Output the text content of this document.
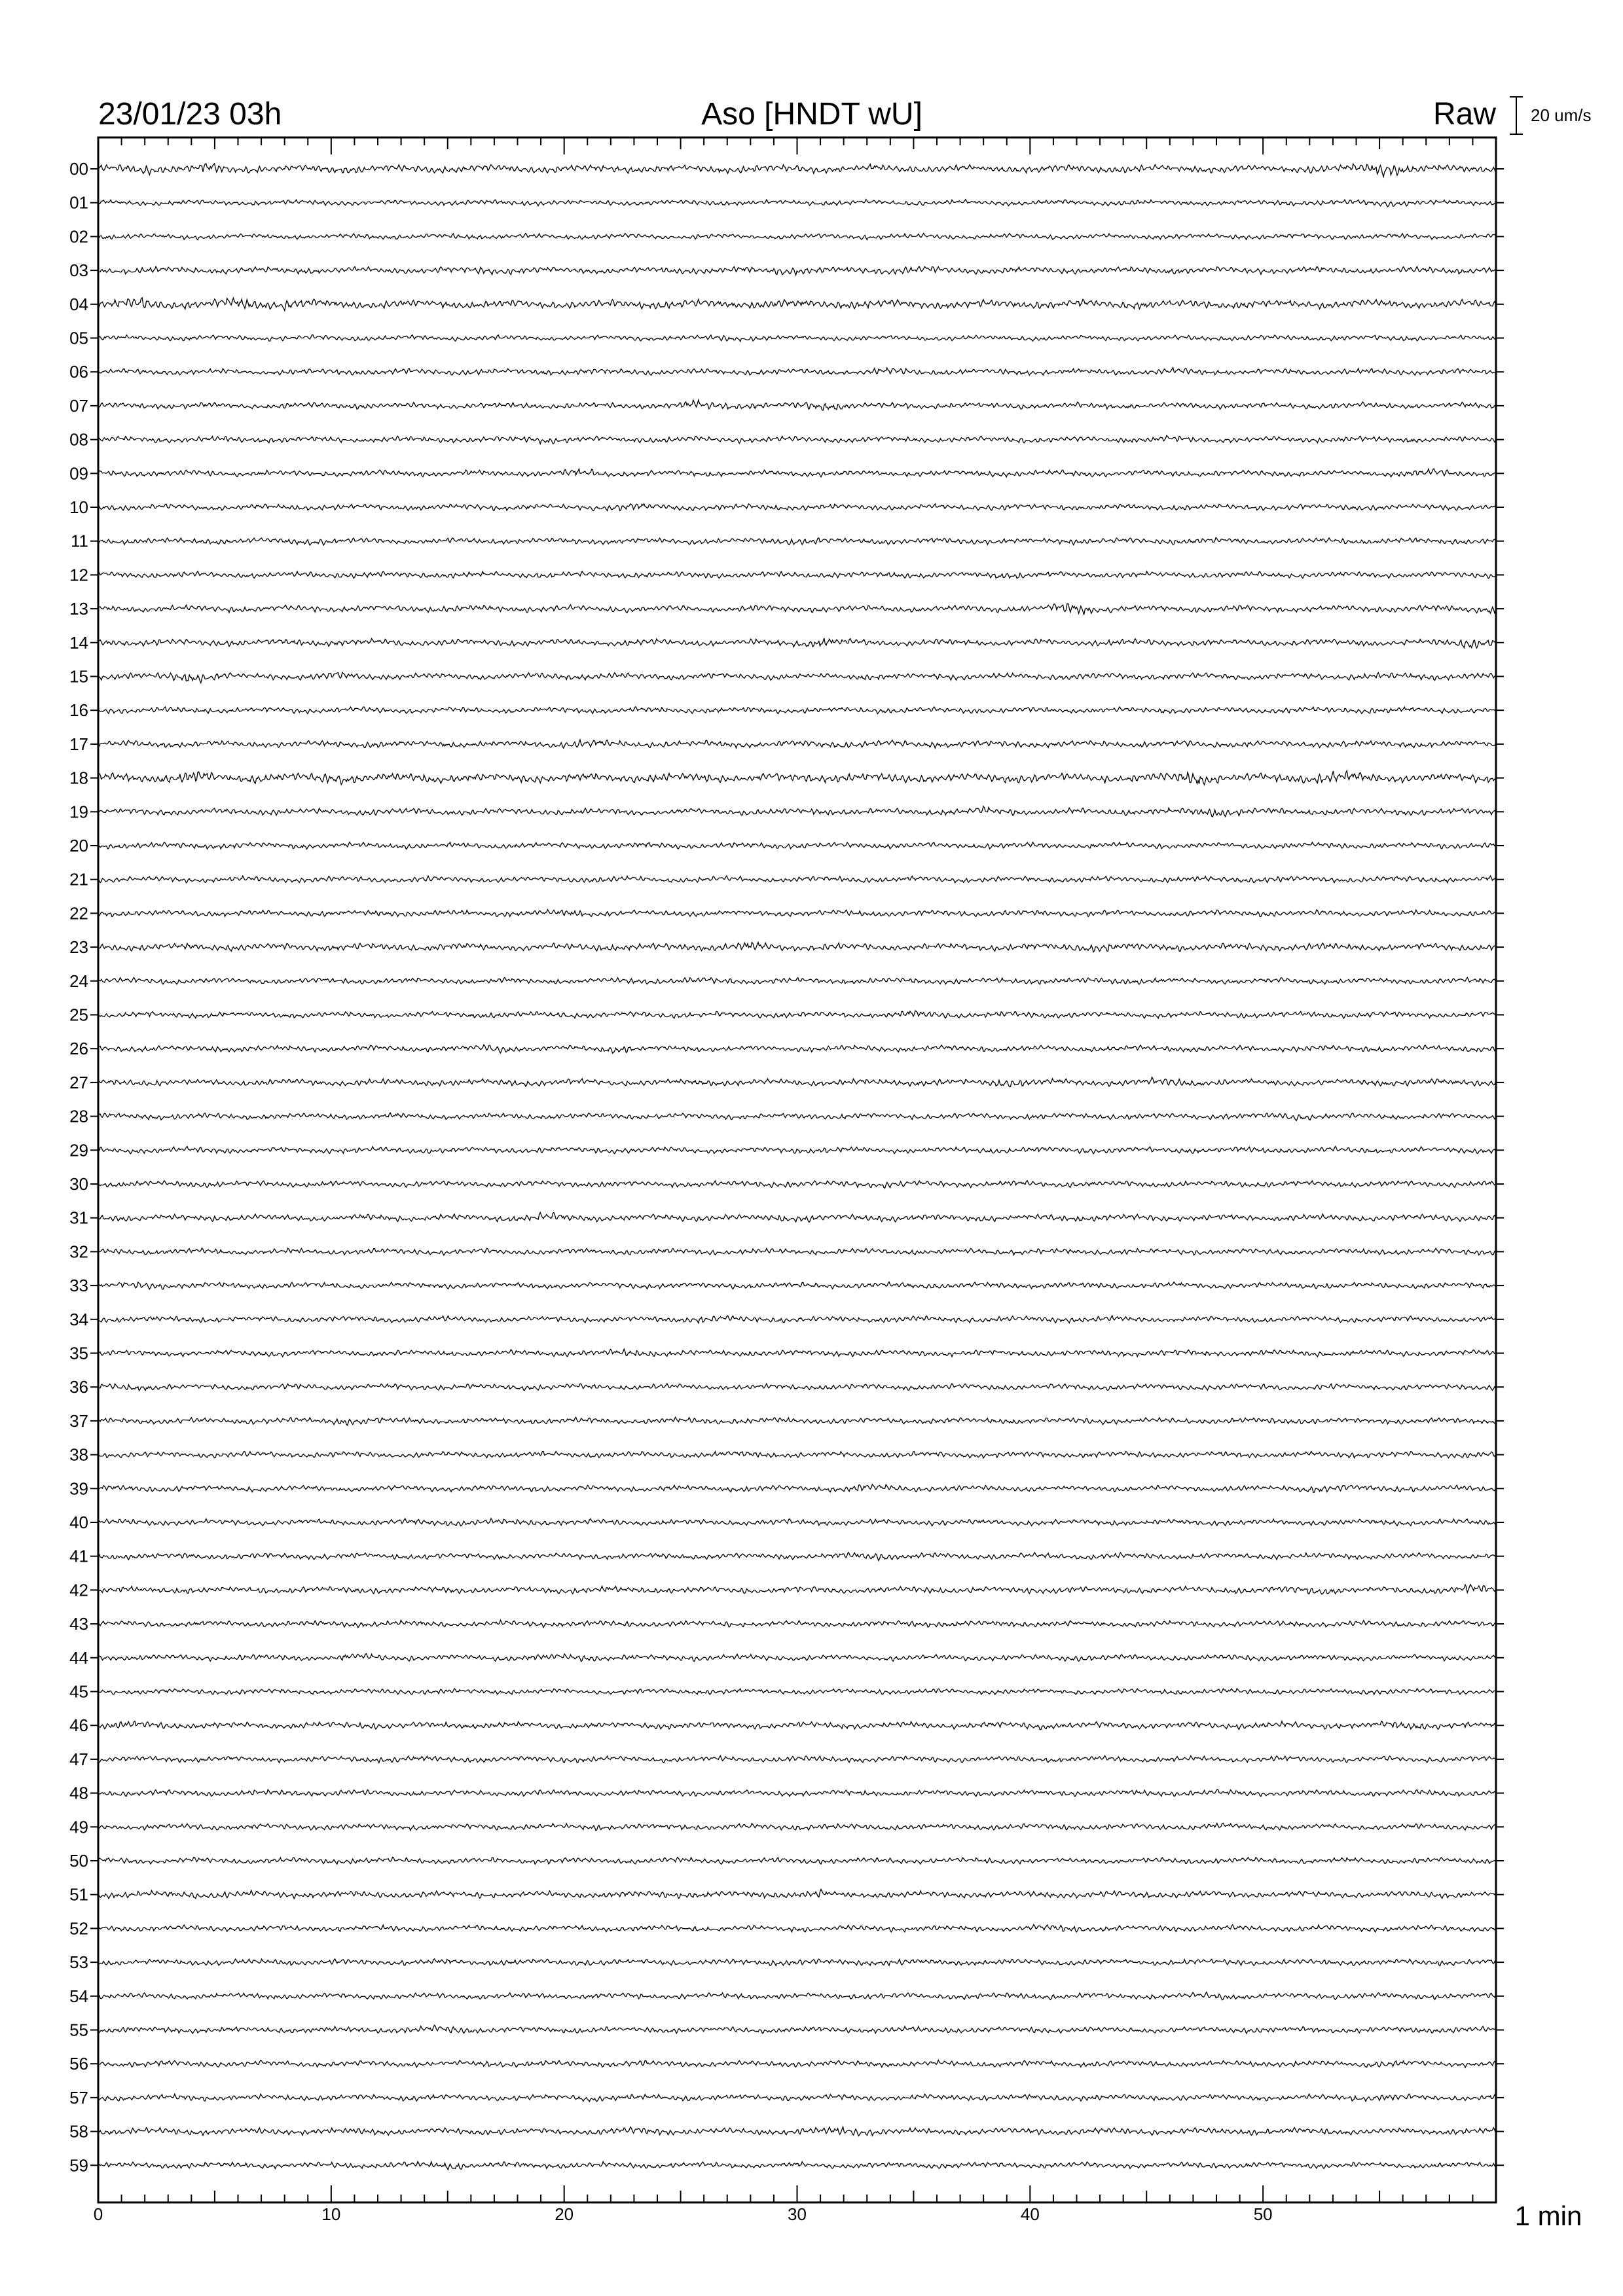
23/01/23 03h	Aso [HNDT wU]	Raw 20 um/s
00
01
02
03
04
05
06
07
08
09
10
11
12
13
14
15
16
17
18
19
20
21
22
23
24
25
26
27
28
29
30
31
32
33
34
35
36
37
38
39
40
41
42
43
44
45
46
47
48
49
50
51
52
53
54
55
56
57
58
59
0	10	20	30	40	50	1 min
